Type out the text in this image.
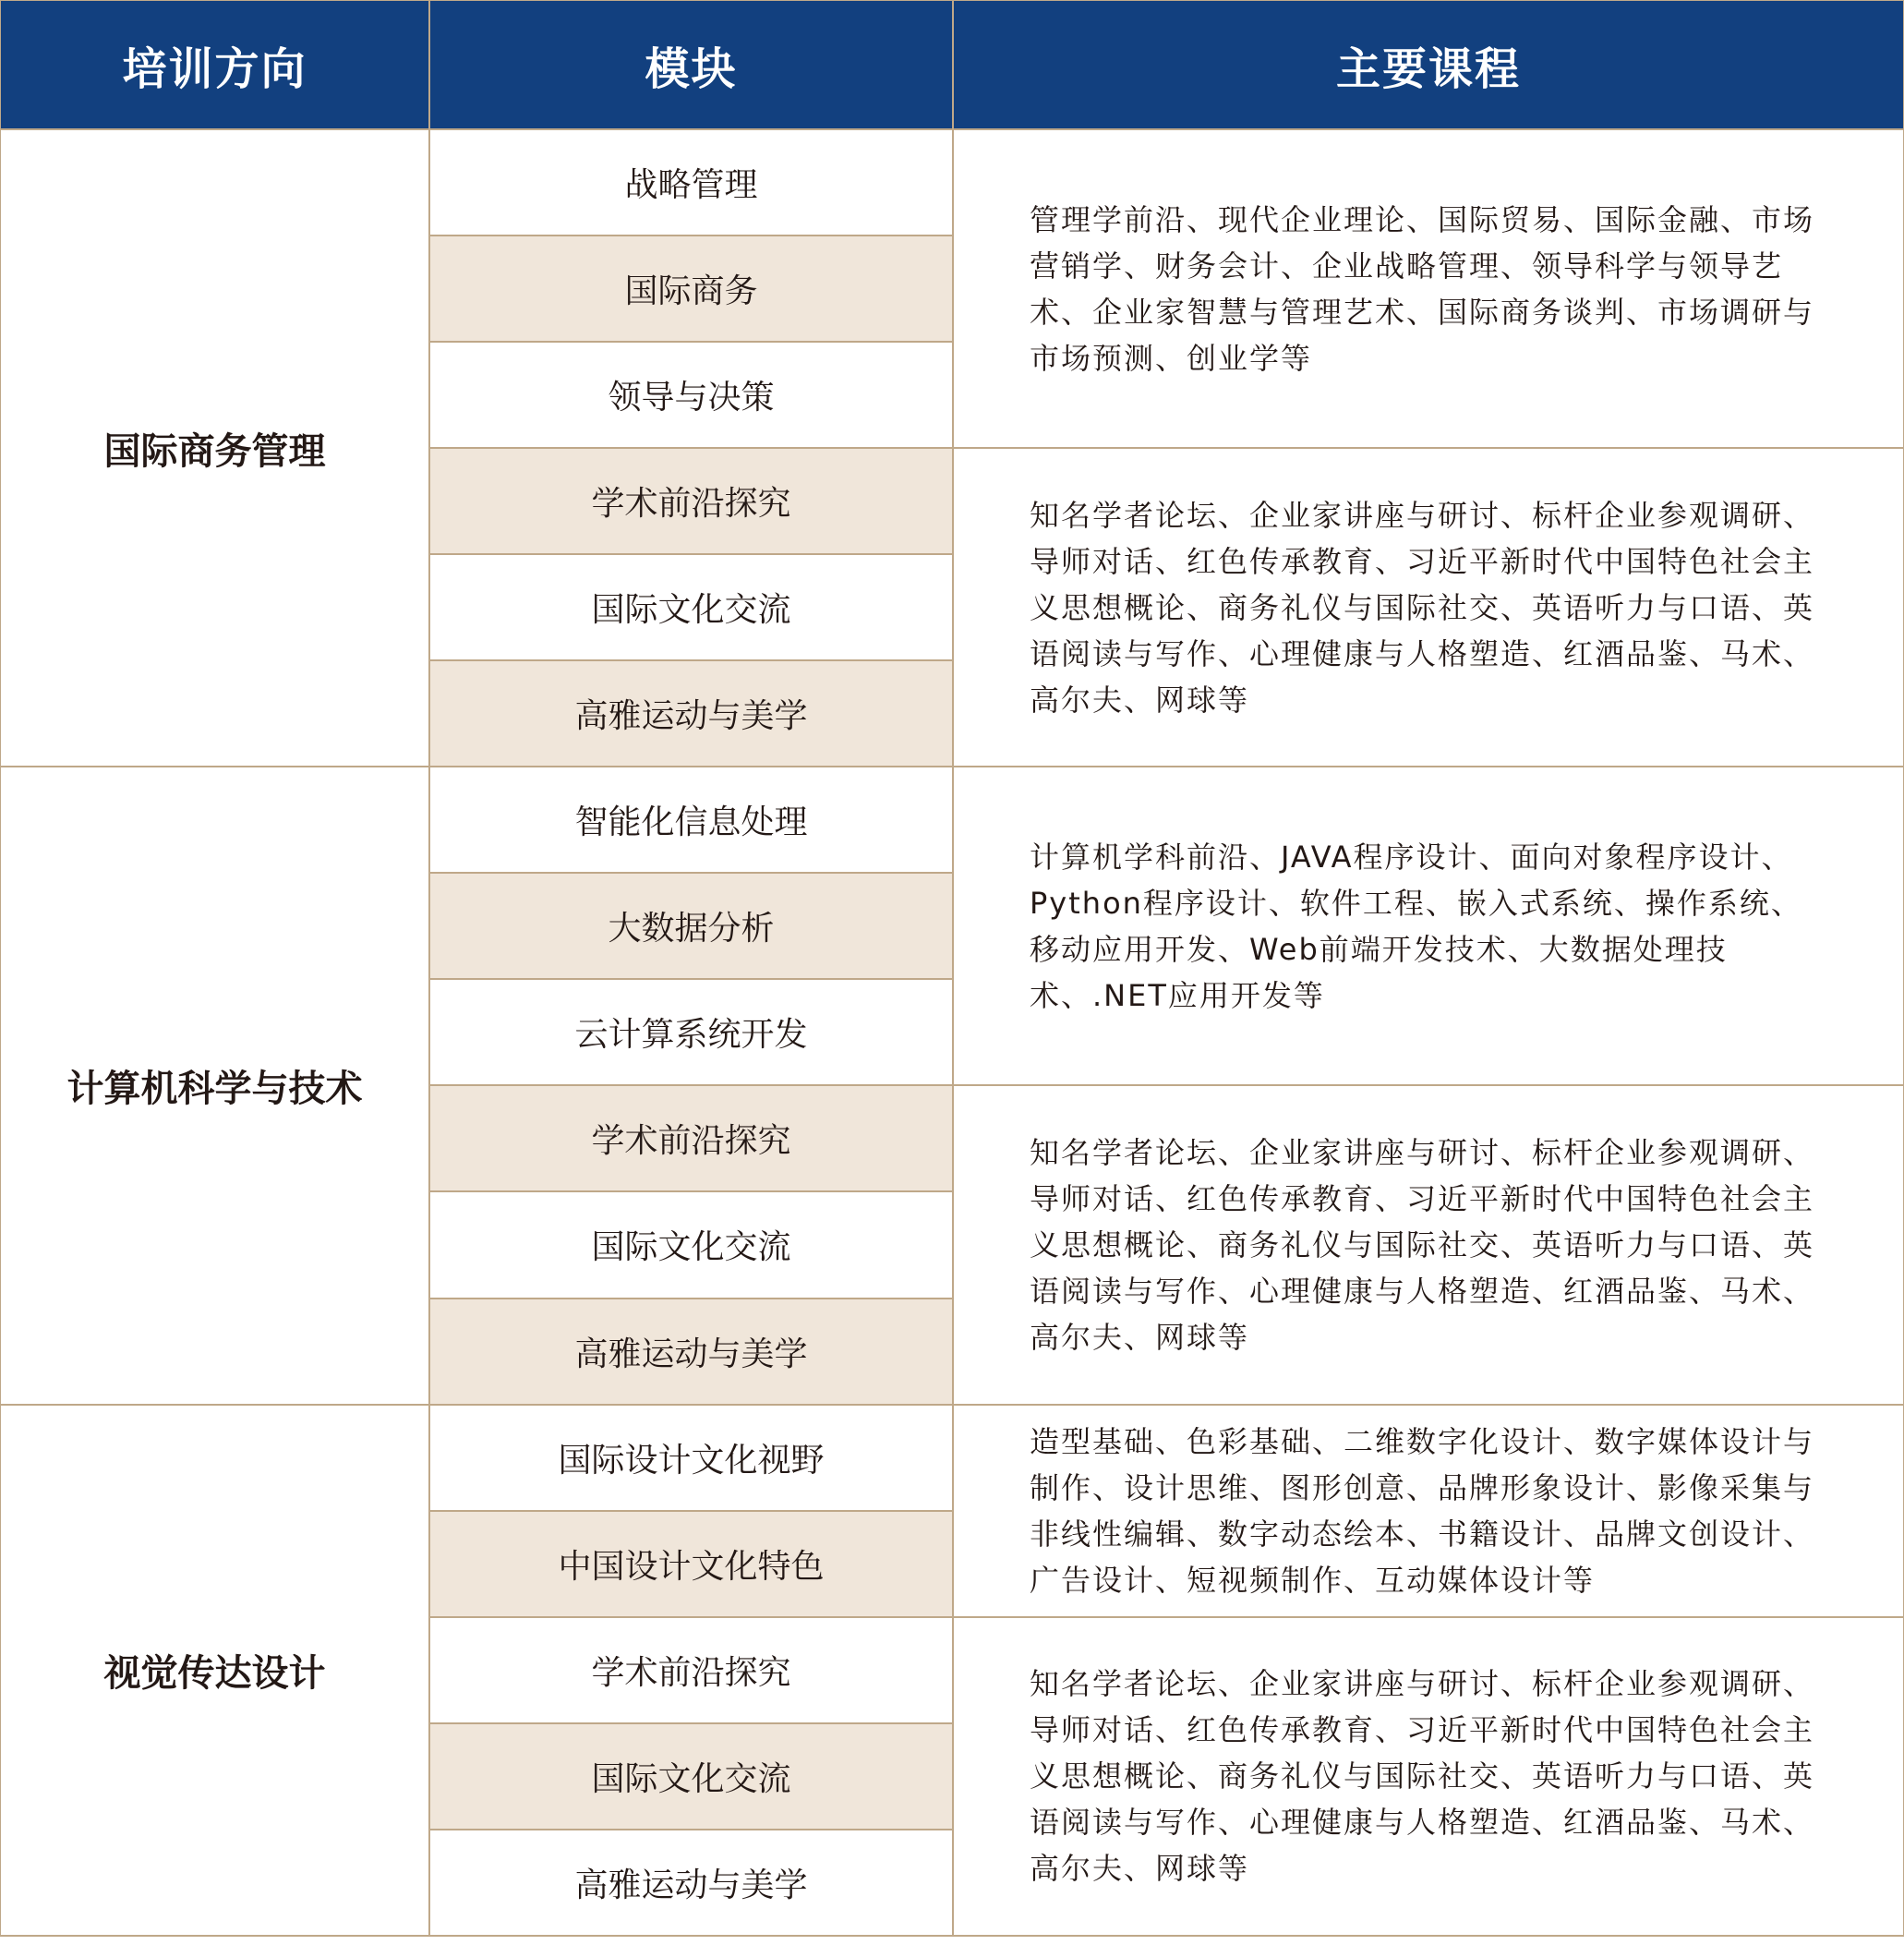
培训方向	模块	主要课程
国际商务管理
战略管理
国际商务
领导与决策
学术前沿探究
国际文化交流
高雅运动与美学
管理学前沿、现代企业理论、国际贸易、国际金融、市场营销学、财务会计、企业战略管理、领导科学与领导艺术、企业家智慧与管理艺术、国际商务谈判、市场调研与市场预测、创业学等
知名学者论坛、企业家讲座与研讨、标杆企业参观调研、导师对话、红色传承教育、习近平新时代中国特色社会主义思想概论、商务礼仪与国际社交、英语听力与口语、英语阅读与写作、心理健康与人格塑造、红酒品鉴、马术、高尔夫、网球等
计算机科学与技术
智能化信息处理
大数据分析
云计算系统开发
学术前沿探究
国际文化交流
高雅运动与美学
计算机学科前沿、JAVA程序设计、面向对象程序设计、Python程序设计、软件工程、嵌入式系统、操作系统、移动应用开发、Web前端开发技术、大数据处理技术、.NET应用开发等
知名学者论坛、企业家讲座与研讨、标杆企业参观调研、导师对话、红色传承教育、习近平新时代中国特色社会主义思想概论、商务礼仪与国际社交、英语听力与口语、英语阅读与写作、心理健康与人格塑造、红酒品鉴、马术、高尔夫、网球等
视觉传达设计
国际设计文化视野
中国设计文化特色
学术前沿探究
国际文化交流
高雅运动与美学
造型基础、色彩基础、二维数字化设计、数字媒体设计与制作、设计思维、图形创意、品牌形象设计、影像采集与非线性编辑、数字动态绘本、书籍设计、品牌文创设计、广告设计、短视频制作、互动媒体设计等
知名学者论坛、企业家讲座与研讨、标杆企业参观调研、导师对话、红色传承教育、习近平新时代中国特色社会主义思想概论、商务礼仪与国际社交、英语听力与口语、英语阅读与写作、心理健康与人格塑造、红酒品鉴、马术、高尔夫、网球等
